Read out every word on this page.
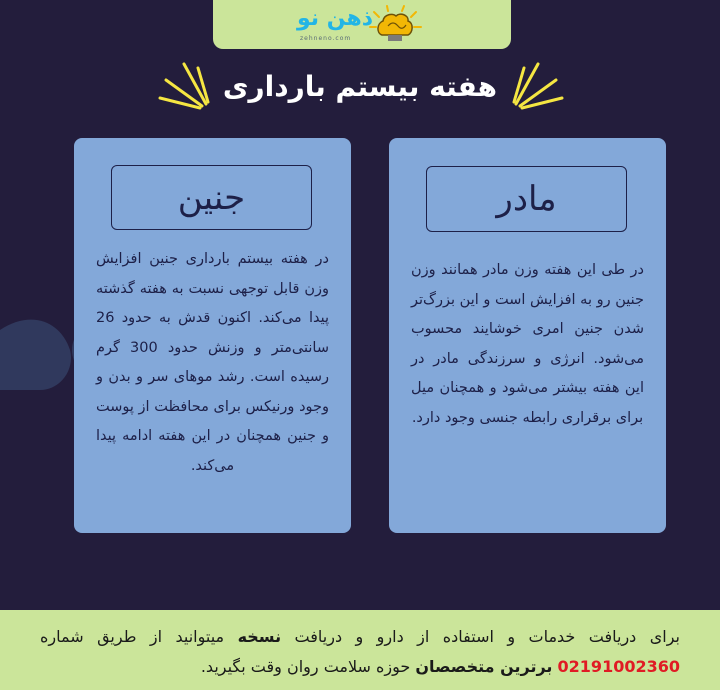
ذهن نو
zehneno.com
هفته بیستم بارداری
جنین
در هفته بیستم بارداری جنین افزایش وزن قابل توجهی نسبت به هفته گذشته پیدا می‌کند. اکنون قدش به حدود 26 سانتی‌متر و وزنش حدود 300 گرم رسیده است. رشد موهای سر و بدن و وجود ورنیکس برای محافظت از پوست و جنین همچنان در این هفته ادامه پیدا می‌کند.
مادر
در طی این هفته وزن مادر همانند وزن جنین رو به افزایش است و این بزرگ‌تر شدن جنین امری خوشایند محسوب می‌شود. انرژی و سرزندگی مادر در این هفته بیشتر می‌شود و همچنان میل برای برقراری رابطه جنسی وجود دارد.
برای دریافت خدمات و استفاده از دارو و دریافت نسخه میتوانید از طریق شماره 02191002360 برترین متخصصان حوزه سلامت روان وقت بگیرید.
